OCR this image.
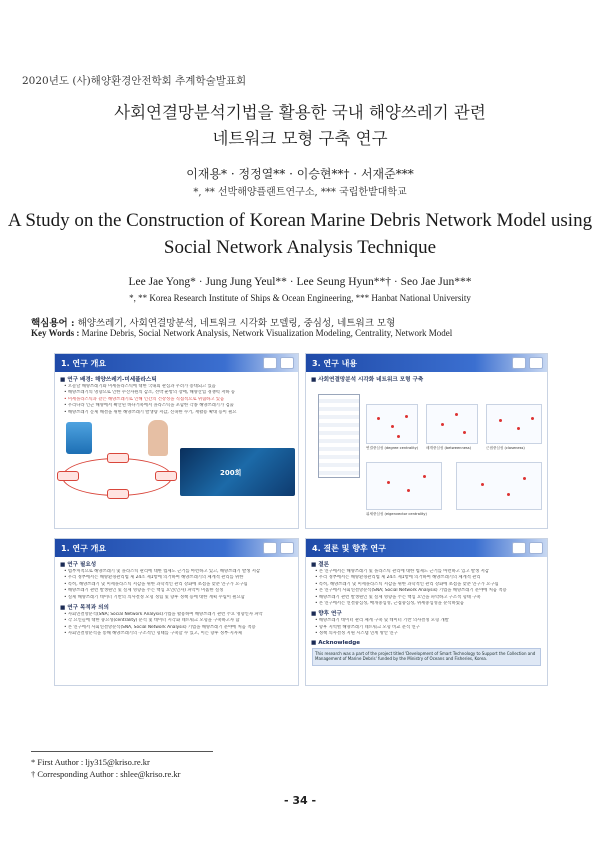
2020년도 (사)해양환경안전학회 추계학술발표회
사회연결망분석기법을 활용한 국내 해양쓰레기 관련
네트워크 모형 구축 연구
이재용* · 정정열** · 이승현**† · 서재준***
*, ** 선박해양플랜트연구소, *** 국립한밭대학교
A Study on the Construction of Korean Marine Debris Network Model using
Social Network Analysis Technique
Lee Jae Yong* · Jung Jung Yeul** · Lee Seung Hyun**† · Seo Jae Jun***
*, ** Korea Research Institute of Ships & Ocean Engineering, *** Hanbat National University
핵심용어 : 해양쓰레기, 사회연결망분석, 네트워크 시각화 모델링, 중심성, 네트워크 모형
Key Words : Marine Debris, Social Network Analysis, Network Visualization Modeling, Centrality, Network Model
1. 연구 개요
■ 연구 배경: 해양쓰레기-미세플라스틱
• 오늘날 해양쓰레기와 미세플라스틱에 대한 국내외 관심과 우려가 증대되고 있음
• 해양쓰레기의 영향으로 인한 수산자원의 감소, 선박 운항의 장애, 해양산업 경쟁력 저하 등
• 미세플라스틱과 같은 해양쓰레기로 인해 인간의 건강성을 직접적으로 위협하고 있음
• 우리나라 인근 해양에서 확산된 바다거북에서 플라스틱을 포함한 각종 해양쓰레기가 검출
• 해양쓰레기 문제 해결을 위한 해양쓰레기 발생량 저감, 신속한 수거, 재활용 확대 등이 필요
200회
3. 연구 내용
■ 사회연결망분석 시각화 네트워크 모형 구축
연결중심성 (degree centrality) 매개중심성 (betweenness)	근접중심성 (closeness)
위세중심성 (eigenvector centrality)
1. 연구 개요
■ 연구 필요성
• 범부처적으로 해양쓰레기 및 플라스틱 관리에 대한 법제도 근거를 마련하고 있고, 해양쓰레기 발생 저감
• 우리 정부에서는 해양환경관리법 제 24조 제1항에 의거하여 해양쓰레기의 체계적 관리를 위한
• 특히, 해양쓰레기 및 미세플라스틱 저감을 위한 과학적인 관리 강화에 초점을 맞춘 연구가 요구됨
• 해양쓰레기 관련 발생원인 및 실제 영향을 주는 핵심 요인(인자) 파악이 미흡한 실정
• 실제 해양쓰레기 데이터 기반의 의사결정 모형 정립 및 향후 정책 등에 대한 계획 수립이 필요함
■ 연구 목적과 의의
• 사회연결망분석(SNA; Social Network Analysis)기법을 활용하여 해양쓰레기 관련 주요 영향인자 파악
• 각 요인들에 대한 중요성(centrality) 분석 및 데이터 시각화 네트워크 모형을 구축하고자 함
• 본 연구에서 사회연결망분석(SNA, Social Network Analysis) 기법을 해양쓰레기 분야에 처음 적용
• 사회연결망분석을 통해 해양쓰레기의 구조적인 형태를 구축할 수 있고, 이는 향후 정부·지자체
4. 결론 및 향후 연구
■ 결론
• 본 연구에서는 해양쓰레기 및 플라스틱 관리에 대한 법제도 근거를 마련하고 있고 발생 저감
• 우리 정부에서는 해양환경관리법 제 24조 제1항에 의거하여 해양쓰레기의 체계적 관리
• 특히, 해양쓰레기 및 미세플라스틱 저감을 위한 과학적인 관리 강화에 초점을 맞춘 연구가 요구됨
• 본 연구에서 사회연결망분석(SNA; Social Network Analysis) 기법을 해양쓰레기 분야에 처음 적용
• 해양쓰레기 관련 발생원인 및 실제 영향을 주는 핵심 요인을 파악하고 구조적 형태 구축
• 본 연구에서는 연결중심성, 매개중심성, 근접중심성, 위세중심성을 분석하였음
■ 향후 연구
• 해양쓰레기 데이터 관리 체계 구축 및 데이터 기반 의사결정 모형 개발
• 향후 지역별 해양쓰레기 네트워크 모형 비교 분석 연구
• 정책 의사결정 지원 시스템 연계 방안 연구
■ Acknowledge
This research was a part of the project titled 'Development of Smart Technology to Support the Collection and Management of Marine Debris' funded by the Ministry of Oceans and Fisheries, Korea.
* First Author : ljy315@kriso.re.kr
† Corresponding Author : shlee@kriso.re.kr
- 34 -
